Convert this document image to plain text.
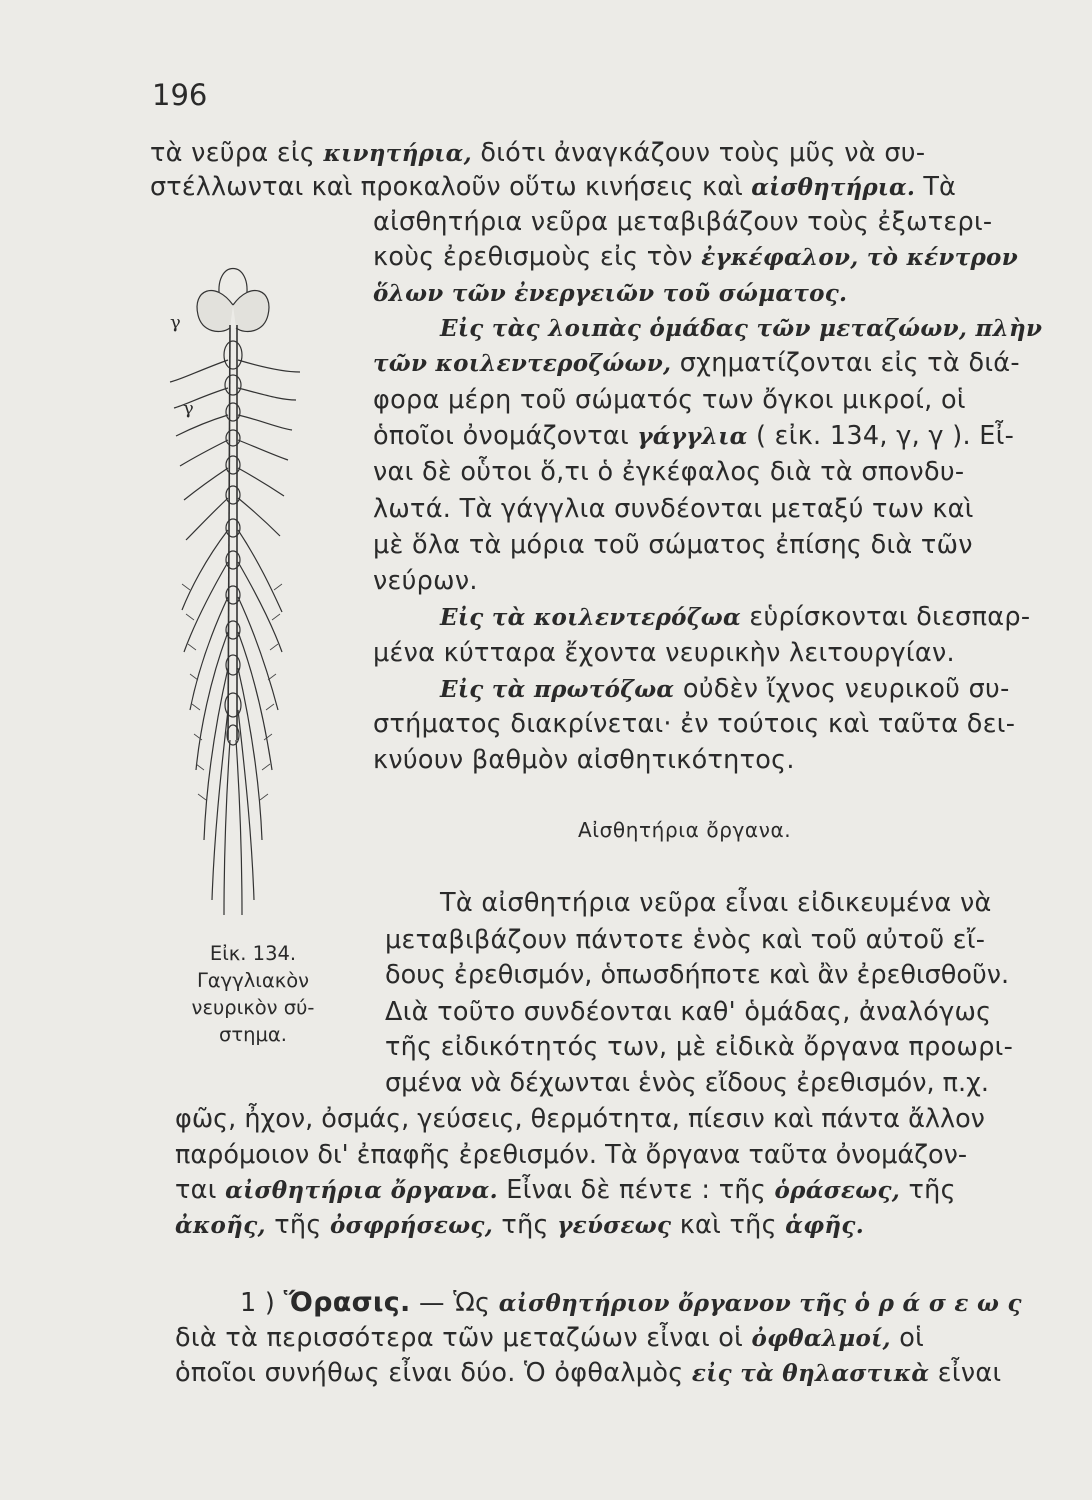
196
τὰ νεῦρα εἰς κινητήρια, διότι ἀναγκάζουν τοὺς μῦς νὰ συ-
στέλλωνται καὶ προκαλοῦν οὕτω κινήσεις καὶ αἰσθητήρια. Τὰ
αἰσθητήρια νεῦρα μεταβιβάζουν τοὺς ἐξωτερι-
κοὺς ἐρεθισμοὺς εἰς τὸν ἐγκέφαλον, τὸ κέντρον
ὅλων τῶν ἐνεργειῶν τοῦ σώματος.
Εἰς τὰς λοιπὰς ὁμάδας τῶν μεταζώων, πλὴν
τῶν κοιλεντεροζώων, σχηματίζονται εἰς τὰ διά-
φορα μέρη τοῦ σώματός των ὄγκοι μικροί, οἱ
ὁποῖοι ὀνομάζονται γάγγλια ( εἰκ. 134, γ, γ ). Εἶ-
ναι δὲ οὗτοι ὅ,τι ὁ ἐγκέφαλος διὰ τὰ σπονδυ-
λωτά. Τὰ γάγγλια συνδέονται μεταξύ των καὶ
μὲ ὅλα τὰ μόρια τοῦ σώματος ἐπίσης διὰ τῶν
νεύρων.
Εἰς τὰ κοιλεντερόζωα εὑρίσκονται διεσπαρ-
μένα κύτταρα ἔχοντα νευρικὴν λειτουργίαν.
Εἰς τὰ πρωτόζωα οὐδὲν ἴχνος νευρικοῦ συ-
στήματος διακρίνεται· ἐν τούτοις καὶ ταῦτα δει-
κνύουν βαθμὸν αἰσθητικότητος.
Αἰσθητήρια ὄργανα.
Τὰ αἰσθητήρια νεῦρα εἶναι εἰδικευμένα νὰ
μεταβιβάζουν πάντοτε ἑνὸς καὶ τοῦ αὐτοῦ εἴ-
δους ἐρεθισμόν, ὁπωσδήποτε καὶ ἂν ἐρεθισθοῦν.
Διὰ τοῦτο συνδέονται καθ' ὁμάδας, ἀναλόγως
τῆς εἰδικότητός των, μὲ εἰδικὰ ὄργανα προωρι-
σμένα νὰ δέχωνται ἑνὸς εἴδους ἐρεθισμόν, π.χ.
φῶς, ἦχον, ὀσμάς, γεύσεις, θερμότητα, πίεσιν καὶ πάντα ἄλλον
παρόμοιον δι' ἐπαφῆς ἐρεθισμόν. Τὰ ὄργανα ταῦτα ὀνομάζον-
ται αἰσθητήρια ὄργανα. Εἶναι δὲ πέντε : τῆς ὁράσεως, τῆς
ἀκοῆς, τῆς ὀσφρήσεως, τῆς γεύσεως καὶ τῆς ἁφῆς.
1 ) Ὅρασις. — Ὡς αἰσθητήριον ὄργανον τῆς ὁ ρ ά σ ε ω ς
διὰ τὰ περισσότερα τῶν μεταζώων εἶναι οἱ ὀφθαλμοί, οἱ
ὁποῖοι συνήθως εἶναι δύο. Ὁ ὀφθαλμὸς εἰς τὰ θηλαστικὰ εἶναι
γ
γ
Εἰκ. 134.
Γαγγλιακὸν
νευρικὸν σύ-
στημα.
